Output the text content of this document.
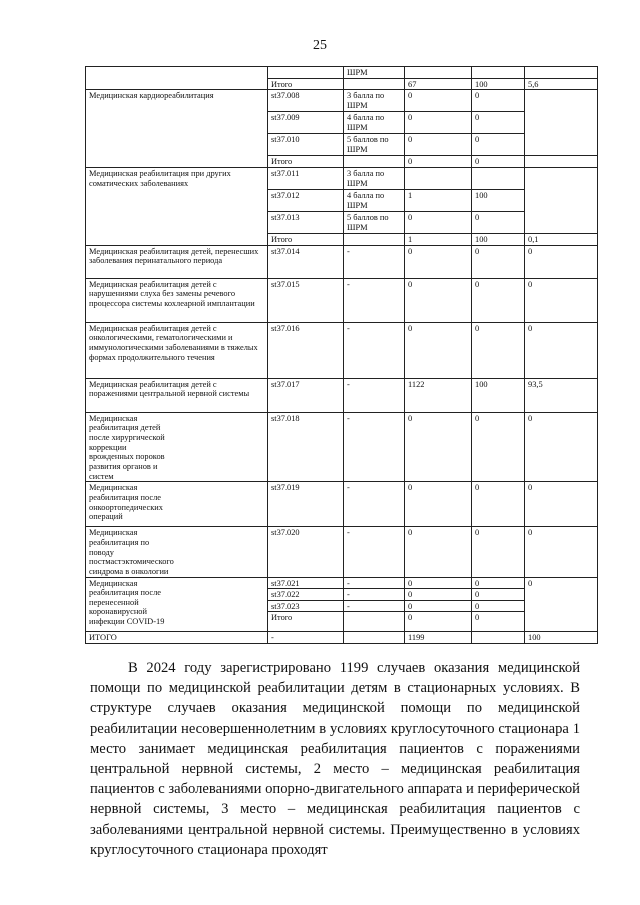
25
		ШРМ			
	Итого		67	100	5,6
Медицинская кардиореабилитация	st37.008	3 балла по ШРМ	0	0	
	st37.009	4 балла по ШРМ	0	0	
	st37.010	5 баллов по ШРМ	0	0	
	Итого		0	0	
Медицинская реабилитация при других соматических заболеваниях	st37.011	3 балла по ШРМ			
	st37.012	4 балла по ШРМ	1	100	
	st37.013	5 баллов по ШРМ	0	0	
	Итого		1	100	0,1
Медицинская реабилитация детей, перенесших заболевания перинатального периода	st37.014	-	0	0	0
Медицинская реабилитация детей с нарушениями слуха без замены речевого процессора системы кохлеарной имплантации	st37.015	-	0	0	0
Медицинская реабилитация детей с онкологическими, гематологическими и иммунологическими заболеваниями в тяжелых формах продолжительного течения	st37.016	-	0	0	0
Медицинская реабилитация детей с поражениями центральной нервной системы	st37.017	-	1122	100	93,5
Медицинская реабилитация детей после хирургической коррекции врожденных пороков развития органов и систем	st37.018	-	0	0	0
Медицинская реабилитация после онкоортопедических операций	st37.019	-	0	0	0
Медицинская реабилитация по поводу постмастэктомического синдрома в онкологии	st37.020	-	0	0	0
Медицинская реабилитация после перенесенной коронавирусной инфекции COVID-19	st37.021	-	0	0	0
	st37.022	-	0	0	
	st37.023	-	0	0	
	Итого		0	0	
ИТОГО	-		1199		100

В 2024 году зарегистрировано 1199 случаев оказания медицинской помощи по медицинской реабилитации детям в стационарных условиях. В структуре случаев оказания медицинской помощи по медицинской реабилитации несовершеннолетним в условиях круглосуточного стационара 1 место занимает медицинская реабилитация пациентов с поражениями центральной нервной системы, 2 место – медицинская реабилитация пациентов с заболеваниями опорно-двигательного аппарата и периферической нервной системы, 3 место – медицинская реабилитация пациентов с заболеваниями центральной нервной системы. Преимущественно в условиях круглосуточного стационара проходят
